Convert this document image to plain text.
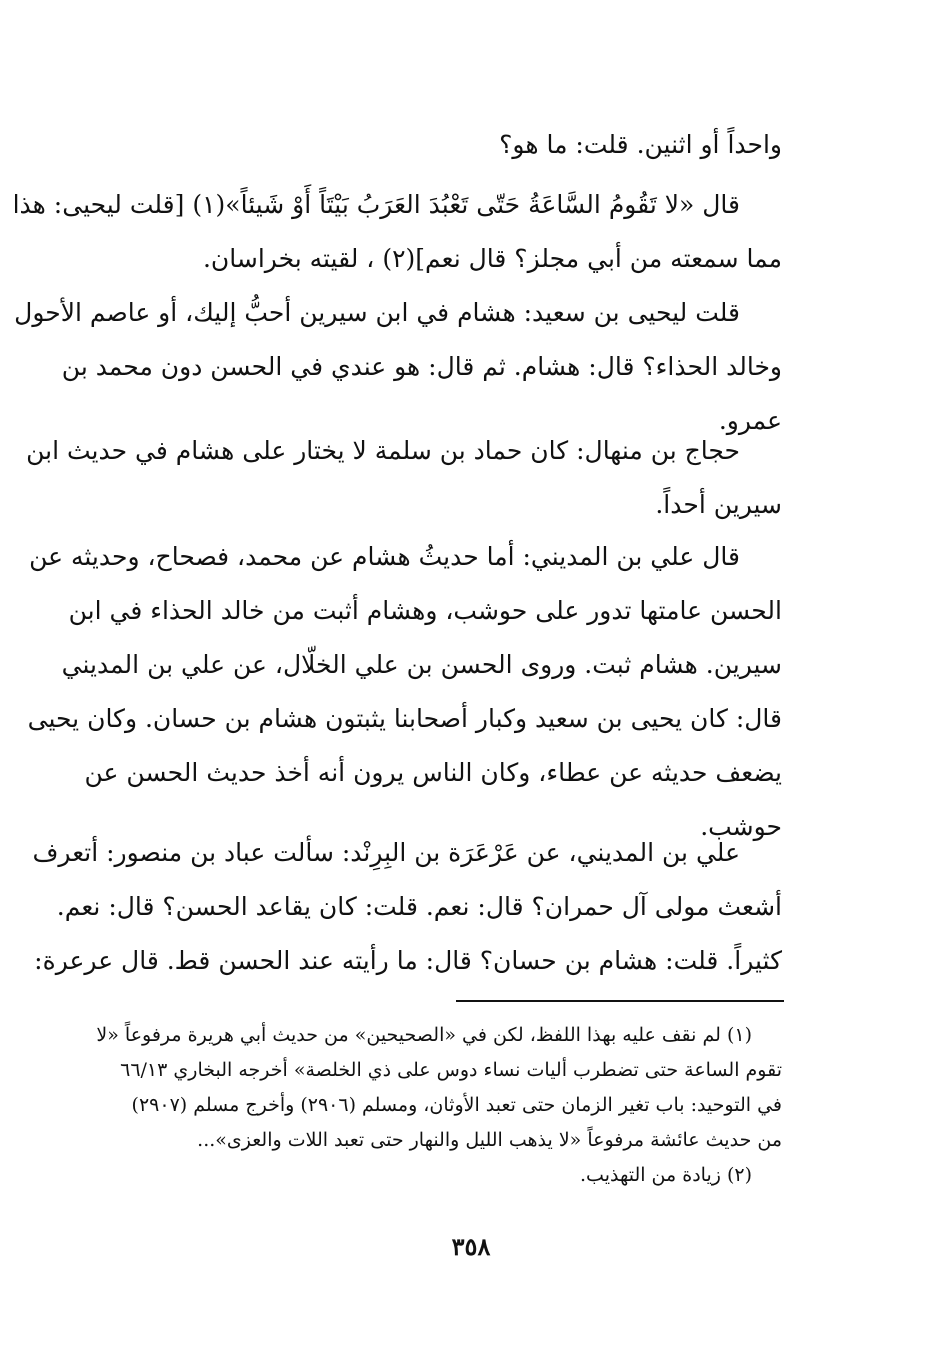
واحداً أو اثنين. قلت: ما هو؟
قال «لا تَقُومُ السَّاعَةُ حَتّى تَعْبُدَ العَرَبُ بَيْتَاً أَوْ شَيئاً»(١) [قلت ليحيى: هذا
مما سمعته من أبي مجلز؟ قال نعم](٢) ، لقيته بخراسان.
قلت ليحيى بن سعيد: هشام في ابن سيرين أحبُّ إليك، أو عاصم الأحول
وخالد الحذاء؟ قال: هشام. ثم قال: هو عندي في الحسن دون محمد بن
عمرو.
حجاج بن منهال: كان حماد بن سلمة لا يختار على هشام في حديث ابن
سيرين أحداً.
قال علي بن المديني: أما حديثُ هشام عن محمد، فصحاح، وحديثه عن
الحسن عامتها تدور على حوشب، وهشام أثبت من خالد الحذاء في ابن
سيرين. هشام ثبت. وروى الحسن بن علي الخلّال، عن علي بن المديني
قال: كان يحيى بن سعيد وكبار أصحابنا يثبتون هشام بن حسان. وكان يحيى
يضعف حديثه عن عطاء، وكان الناس يرون أنه أخذ حديث الحسن عن
حوشب.
علي بن المديني، عن عَرْعَرَة بن البِرِنْد: سألت عباد بن منصور: أتعرف
أشعث مولى آل حمران؟ قال: نعم. قلت: كان يقاعد الحسن؟ قال: نعم.
كثيراً. قلت: هشام بن حسان؟ قال: ما رأيته عند الحسن قط. قال عرعرة:
(١) لم نقف عليه بهذا اللفظ، لكن في «الصحيحين» من حديث أبي هريرة مرفوعاً «لا
تقوم الساعة حتى تضطرب أليات نساء دوس على ذي الخلصة» أخرجه البخاري ٦٦/١٣
في التوحيد: باب تغير الزمان حتى تعبد الأوثان، ومسلم (٢٩٠٦) وأخرج مسلم (٢٩٠٧)
من حديث عائشة مرفوعاً «لا يذهب الليل والنهار حتى تعبد اللات والعزى»...
(٢) زيادة من التهذيب.
٣٥٨
